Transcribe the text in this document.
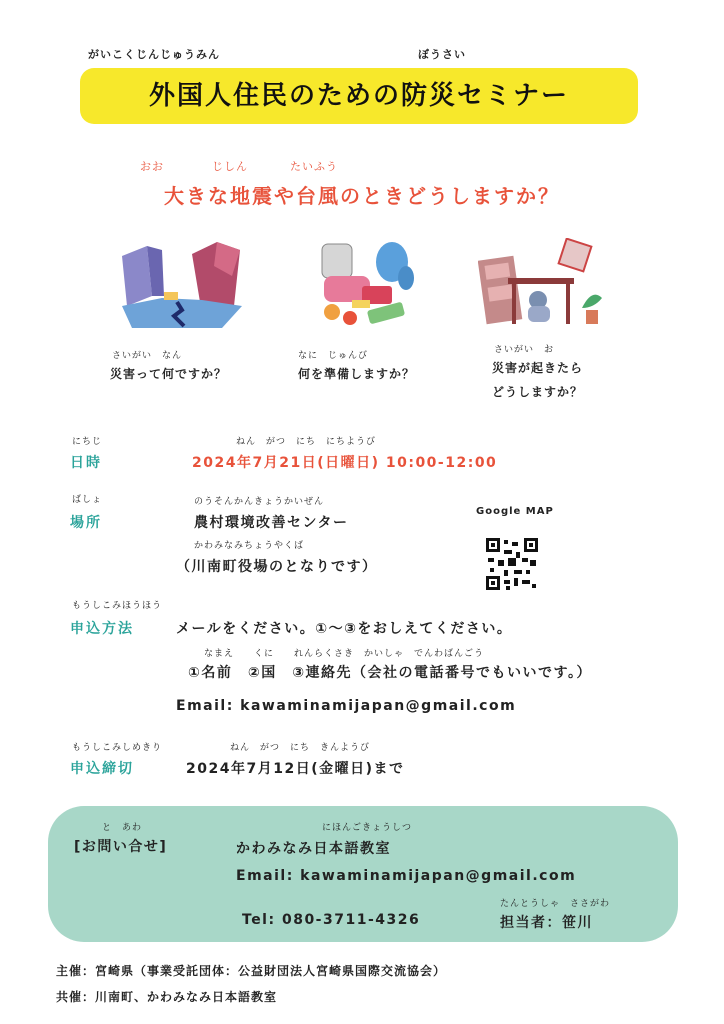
がいこくじんじゅうみん	ぼうさい
外国人住民のための防災セミナー
おお	じしん	たいふう
大きな地震や台風のときどうしますか？
さいがい　なん
災害って何ですか？
なに　じゅんび
何を準備しますか？
さいがい　お
災害が起きたら
どうしますか？
にちじ
日時
ねん　がつ　にち　にちようび
2024年7月21日(日曜日) 10:00-12:00
ばしょ
場所
のうそんかんきょうかいぜん
農村環境改善センター
かわみなみちょうやくば
（川南町役場のとなりです）
Google MAP
もうしこみほうほう
申込方法	メールをください。①～③をおしえてください。
なまえ　　くに　　れんらくさき　かいしゃ　でんわばんごう
①名前　②国　③連絡先（会社の電話番号でもいいです。）
Email: kawaminamijapan@gmail.com
もうしこみしめきり
申込締切
ねん　がつ　にち　きんようび
2024年7月12日(金曜日)まで
と　あわ
[お問い合せ]
にほんごきょうしつ
かわみなみ日本語教室
Email: kawaminamijapan@gmail.com
たんとうしゃ　ささがわ
Tel: 080-3711-4326	担当者：笹川
主催：宮崎県（事業受託団体：公益財団法人宮崎県国際交流協会）
共催：川南町、かわみなみ日本語教室
